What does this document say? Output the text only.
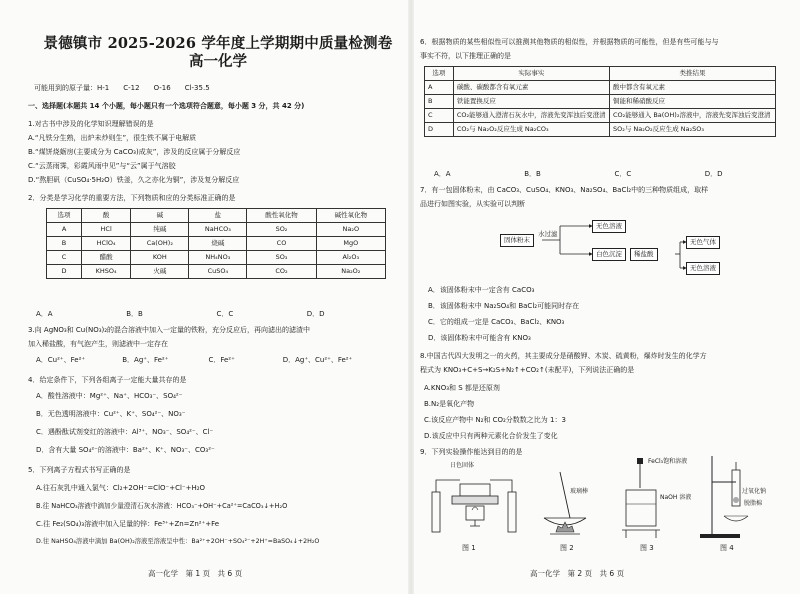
景德镇市 2025-2026 学年度上学期期中质量检测卷
高一化学
可能用到的原子量：H-1　　C-12　　O-16　　Cl-35.5
一、选择题(本题共 14 个小题，每小题只有一个选项符合题意，每小题 3 分，共 42 分)
1.对古书中涉及的化学知识理解错误的是
A.“凡铁分生熟，出炉未炒则生”，很生铁不属于电解质
B.“煤饼烧蛎房(主要成分为 CaCO₃)成灰”，涉及的反应属于分解反应
C.“云蒸雨霁，彩霞风雨中见”与“云”属于气溶胶
D.“熬胆矾（CuSO₄·5H₂O）铁釜，久之亦化为铜”，涉及复分解反应
2．分类是学习化学的重要方法，下列物质和应的分类标准正确的是
选项	酸	碱	盐	酸性氧化物	碱性氧化物
A	HCl	纯碱	NaHCO₃	SO₂	Na₂O
B	HClO₄	Ca(OH)₂	烧碱	CO	MgO
C	醋酸	KOH	NH₄NO₃	SO₃	Al₂O₃
D	KHSO₄	火碱	CuSO₄	CO₂	Na₂O₂
A．A	B．B	C．C	D．D
3.向 AgNO₃和 Cu(NO₃)₂的混合溶液中加入一定量的铁粉，充分反应后，再向滤出的滤渣中
加入稀盐酸，有气泡产生，则滤液中一定存在
A．Cu²⁺、Fe²⁺	B．Ag⁺、Fe²⁺	C．Fe²⁺	D．Ag⁺、Cu²⁺、Fe²⁺
4．给定条件下，下列各组离子一定能大量共存的是
A．酸性溶液中：Mg²⁺、Na⁺、HCO₃⁻、SO₄²⁻
B．无色透明溶液中：Cu²⁺、K⁺、SO₄²⁻、NO₃⁻
C．遇酚酞试剂变红的溶液中：Al³⁺、NO₃⁻、SO₄²⁻、Cl⁻
D．含有大量 SO₄²⁻的溶液中：Ba²⁺、K⁺、NO₃⁻、CO₃²⁻
5．下列离子方程式书写正确的是
A.往石灰乳中通入氯气：Cl₂+2OH⁻=ClO⁻+Cl⁻+H₂O
B.往 NaHCO₃溶液中滴加少量澄清石灰水溶液：HCO₃⁻+OH⁻+Ca²⁺=CaCO₃↓+H₂O
C.往 Fe₂(SO₄)₃溶液中加入足量的锌：Fe³⁺+Zn=Zn²⁺+Fe
D.往 NaHSO₄溶液中滴加 Ba(OH)₂溶液至溶液呈中性：Ba²⁺+2OH⁻+SO₄²⁻+2H⁺=BaSO₄↓+2H₂O
高一化学　第 1 页　共 6 页
6．根据物质的某些相似性可以推测其他物质的相似性，并根据物质的可能性，但是有些可能与与
事实不符，以下推理正确的是
选项	实际事实	类推结果
A	碳酸、碳酸都含有氧元素	酸中都含有氧元素
B	铁能置换反应	铜能和稀硝酸反应
C	CO₂能够通入澄清石灰水中，溶液先变浑浊后变澄清	CO₂能够通入 Ba(OH)₂溶液中，溶液先变浑浊后变澄清
D	CO₂与 Na₂O₂反应生成 Na₂CO₃	SO₂与 Na₂O₂反应生成 Na₂SO₃
A．A	B．B	C．C	D．D
7．有一包固体粉末，由 CaCO₃、CuSO₄、KNO₃、Na₂SO₄、BaCl₂中的三种物质组成，取样
品进行如图实验，从实验可以判断
固体粉末
水过滤
无色溶液
白色沉淀	稀盐酸
无色气体
无色溶液
A．该固体粉末中一定含有 CaCO₃
B．该固体粉末中 Na₂SO₄和 BaCl₂可能同时存在
C．它的组成一定是 CaCO₃、BaCl₂、KNO₃
D．该固体粉末中可能含有 KNO₃
8.中国古代四大发明之一的火药，其主要成分是硝酸钾、木炭、硫黄粉，爆炸时发生的化学方
程式为 KNO₃+C+S→K₂S+N₂↑+CO₂↑(未配平)，下列说法正确的是
A.KNO₃和 S 都是还原剂
B.N₂是氧化产物
C.该反应产物中 N₂和 CO₂分数数之比为 1：3
D.该反应中只有两种元素化合价发生了变化
9．下列实验操作能达到目的的是
日色固体
图 1
玻璃棒
图 2
FeCl₃饱和溶液
NaOH 溶液
图 3
过氧化钠
脱脂棉
图 4
高一化学　第 2 页　共 6 页
